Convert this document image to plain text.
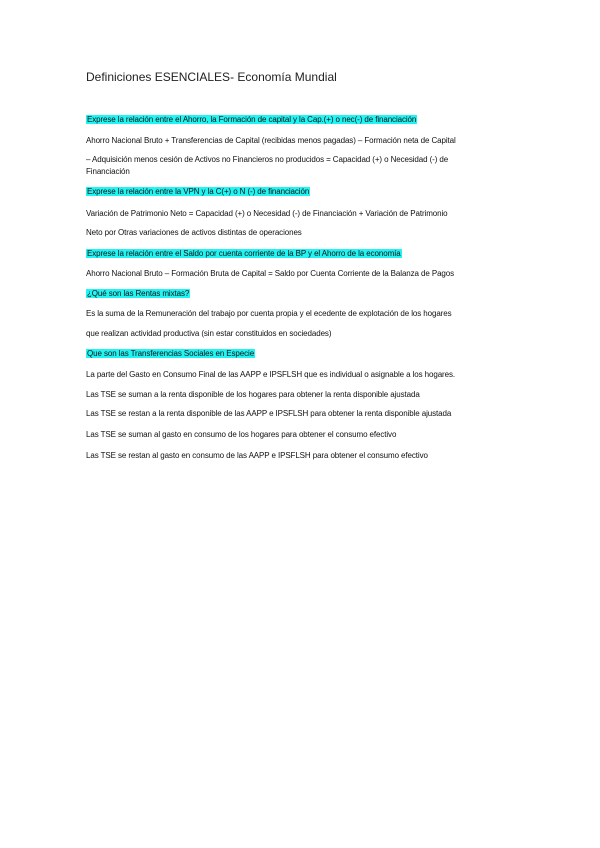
Definiciones ESENCIALES- Economía Mundial
Exprese la relación entre el Ahorro, la Formación de capital y la Cap.(+) o nec(-) de financiación
Ahorro Nacional Bruto + Transferencias de Capital (recibidas menos pagadas) – Formación neta de Capital
– Adquisición menos cesión de Activos no Financieros no producidos = Capacidad (+) o Necesidad (-) de
Financiación
Exprese la relación entre la VPN y la C(+) o N (-) de financiación
Variación de Patrimonio Neto = Capacidad (+) o Necesidad (-) de Financiación + Variación de Patrimonio
Neto por Otras variaciones de activos distintas de operaciones
Exprese la relación entre el Saldo por cuenta corriente de la BP y el Ahorro de la economía
Ahorro Nacional Bruto – Formación Bruta de Capital = Saldo por Cuenta Corriente de la Balanza de Pagos
¿Qué son las Rentas mixtas?
Es la suma de la Remuneración del trabajo por cuenta propia y el ecedente de explotación de los hogares
que realizan actividad productiva (sin estar constituidos en sociedades)
Que son las Transferencias Sociales en Especie
La parte del Gasto en Consumo Final de las AAPP e IPSFLSH que es individual o asignable a los hogares.
Las TSE se suman a la renta disponible de los hogares para obtener la renta disponible ajustada
Las TSE se restan a la renta disponible de las AAPP e IPSFLSH para obtener la renta disponible ajustada
Las TSE se suman al gasto en consumo de los hogares para obtener el consumo efectivo
Las TSE se restan al gasto en consumo de las AAPP e IPSFLSH para obtener el consumo efectivo
